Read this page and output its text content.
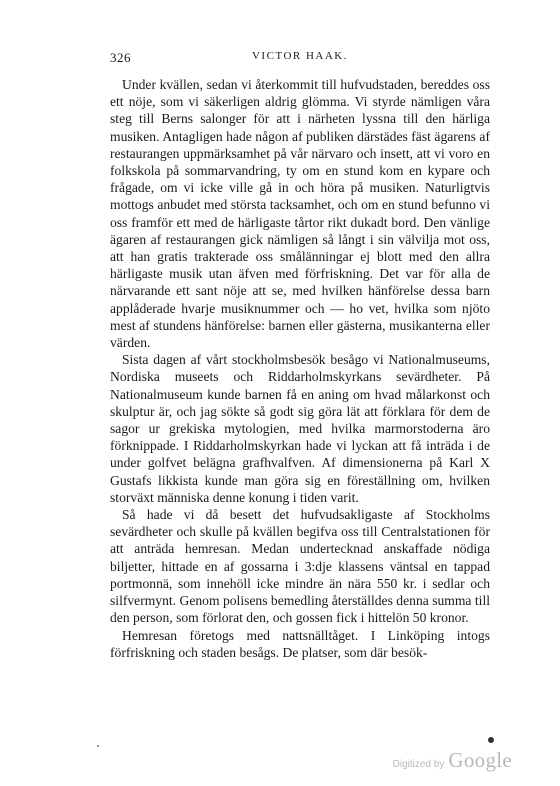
326	VICTOR HAAK.

Under kvällen, sedan vi återkommit till hufvudstaden, bereddes oss ett nöje, som vi säkerligen aldrig glömma. Vi styrde nämligen våra steg till Berns salonger för att i närheten lyssna till den härliga musiken. Antagligen hade någon af publiken därstädes fäst ägarens af restaurangen uppmärksamhet på vår närvaro och insett, att vi voro en folkskola på sommarvandring, ty om en stund kom en kypare och frågade, om vi icke ville gå in och höra på musiken. Naturligtvis mottogs anbudet med största tacksamhet, och om en stund befunno vi oss framför ett med de härligaste tårtor rikt dukadt bord. Den vänlige ägaren af restaurangen gick nämligen så långt i sin välvilja mot oss, att han gratis trakterade oss smålänningar ej blott med den allra härligaste musik utan äfven med förfriskning. Det var för alla de närvarande ett sant nöje att se, med hvilken hänförelse dessa barn applåderade hvarje musiknummer och — ho vet, hvilka som njöto mest af stundens hänförelse: barnen eller gästerna, musikanterna eller värden.

Sista dagen af vårt stockholmsbesök besågo vi Nationalmuseums, Nordiska museets och Riddarholmskyrkans sevärdheter. På Nationalmuseum kunde barnen få en aning om hvad målarkonst och skulptur är, och jag sökte så godt sig göra lät att förklara för dem de sagor ur grekiska mytologien, med hvilka marmorstoderna äro förknippade. I Riddarholmskyrkan hade vi lyckan att få inträda i de under golfvet belägna grafhvalfven. Af dimensionerna på Karl X Gustafs likkista kunde man göra sig en föreställning om, hvilken storväxt människa denne konung i tiden varit.

Så hade vi då besett det hufvudsakligaste af Stockholms sevärdheter och skulle på kvällen begifva oss till Centralstationen för att anträda hemresan. Medan undertecknad anskaffade nödiga biljetter, hittade en af gossarna i 3:dje klassens väntsal en tappad portmonnä, som innehöll icke mindre än nära 550 kr. i sedlar och silfvermynt. Genom polisens bemedling återställdes denna summa till den person, som förlorat den, och gossen fick i hittelön 50 kronor.

Hemresan företogs med nattsnälltåget. I Linköping intogs förfriskning och staden besågs. De platser, som där besök-

Digitized by Google
